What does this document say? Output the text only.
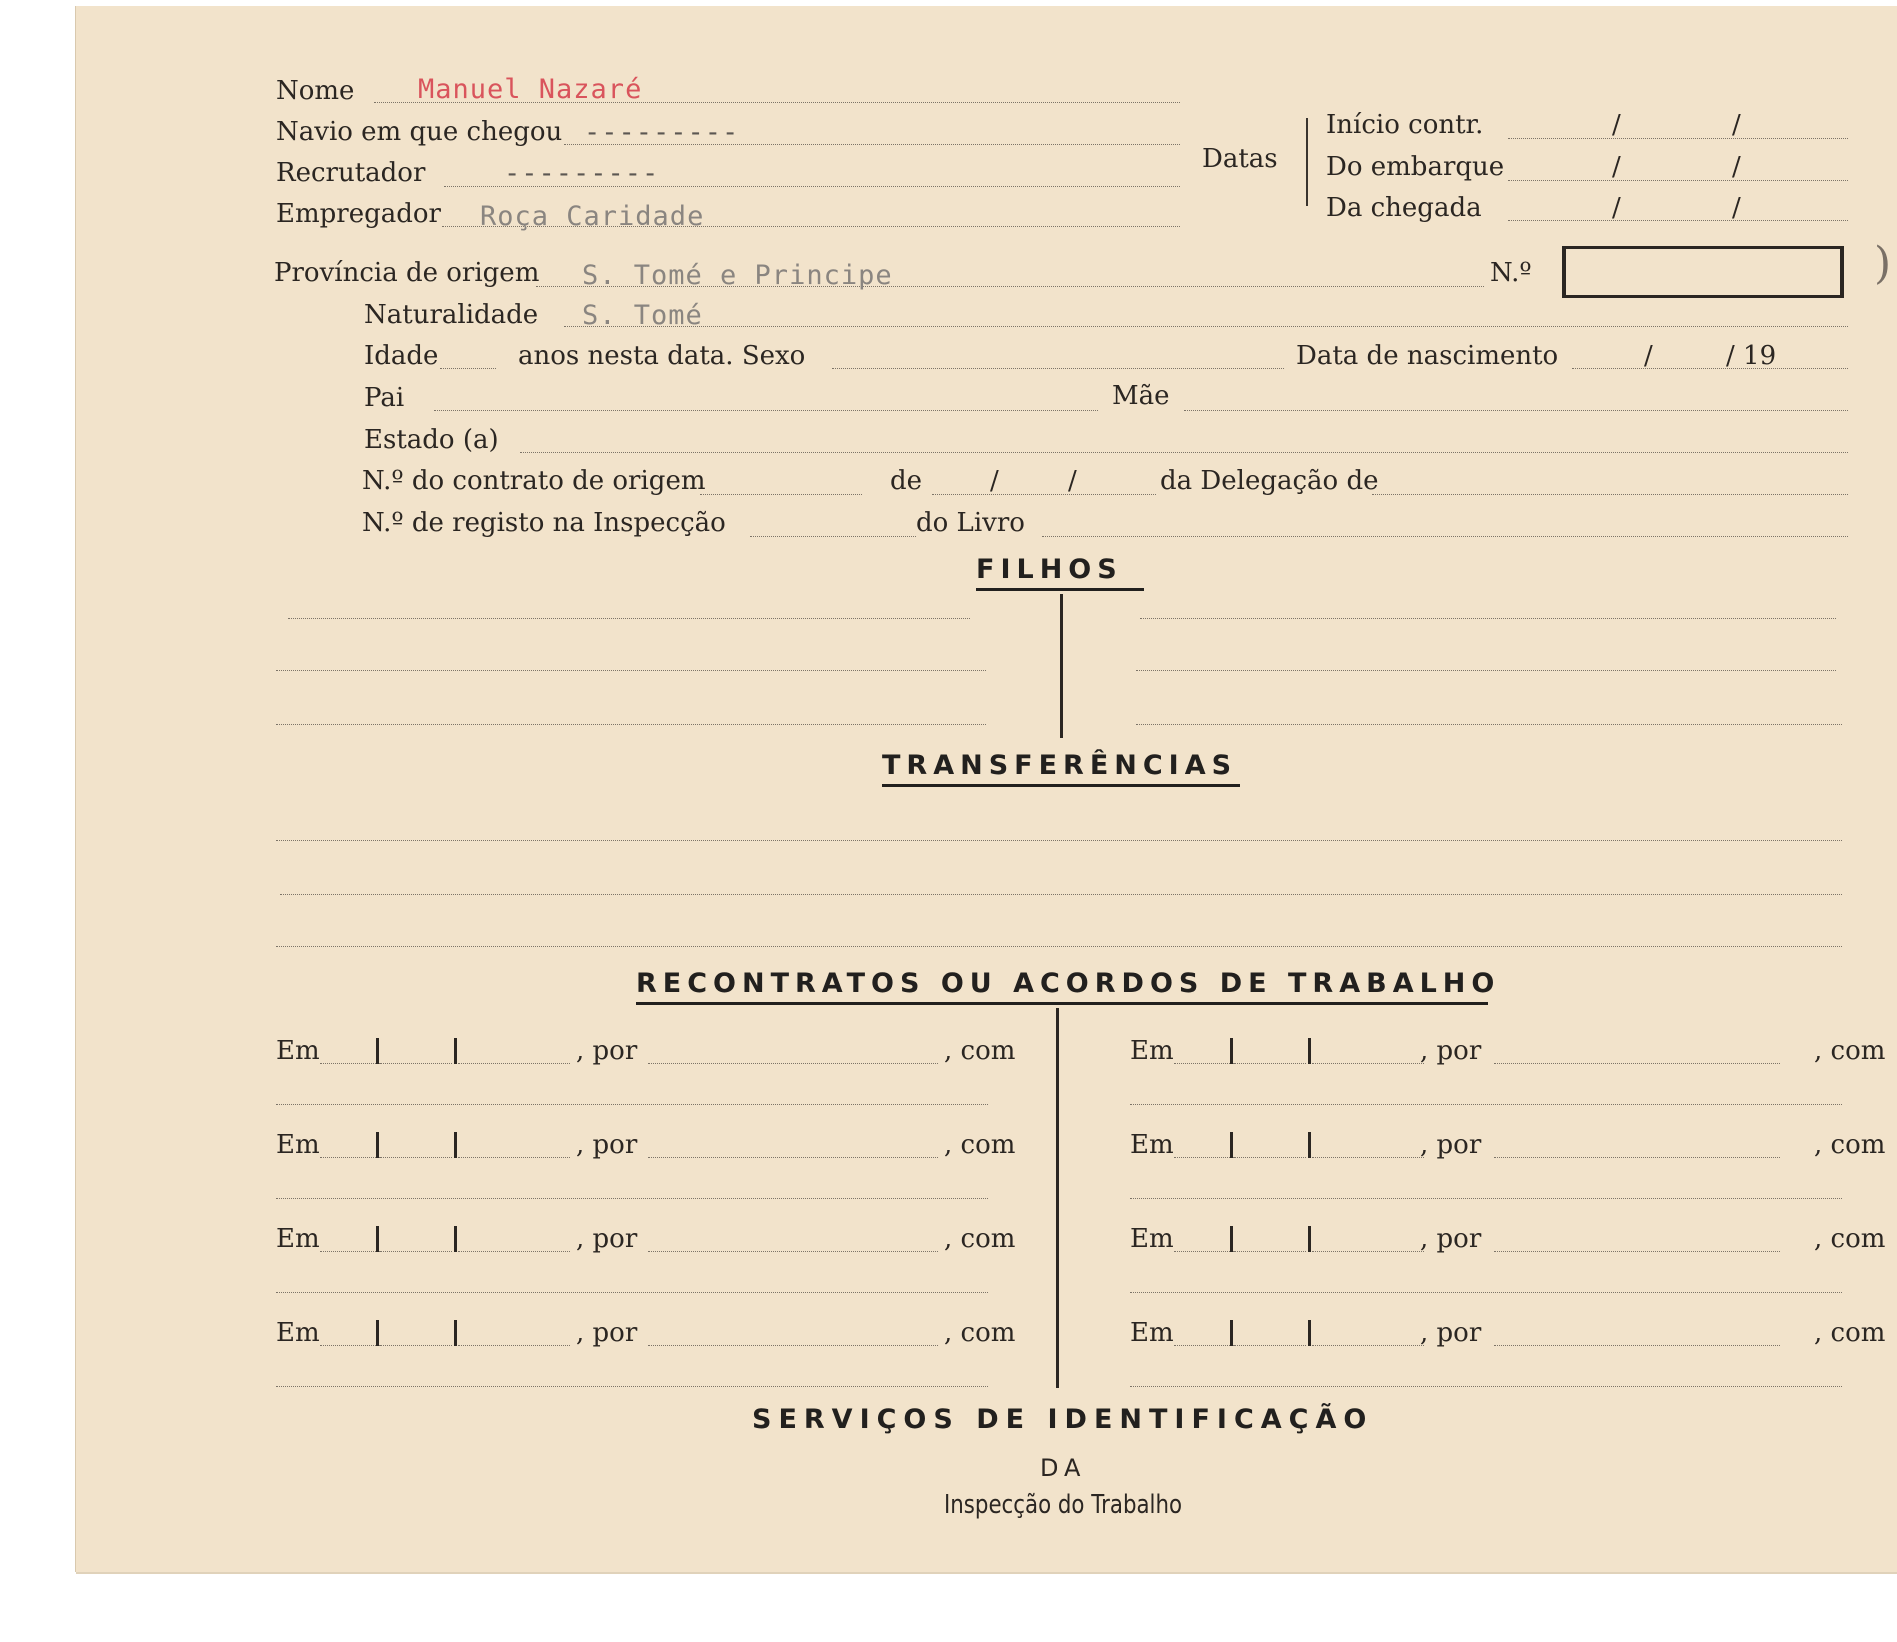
Nome Manuel Nazaré
Navio em que chegou ---------
Recrutador	---------
Empregador Roça Caridade
Datas
Início contr.	/	/
Do embarque	/	/
Da chegada	/	/
Província de origem S. Tomé e Principe	N.º
Naturalidade S. Tomé
Idade	anos nesta data. Sexo	Data de nascimento	/	/ 19
Pai	Mãe
Estado (a)
N.º do contrato de origem	de	/	/	da Delegação de
N.º de registo na Inspecção	do Livro
FILHOS
TRANSFERÊNCIAS
RECONTRATOS OU ACORDOS DE TRABALHO
Em	, por	, com	Em	, por	, com
Em	, por	, com	Em	, por	, com
Em	, por	, com	Em	, por	, com
Em	, por	, com	Em	, por	, com
SERVIÇOS DE IDENTIFICAÇÃO
DA
Inspecção do Trabalho
)
